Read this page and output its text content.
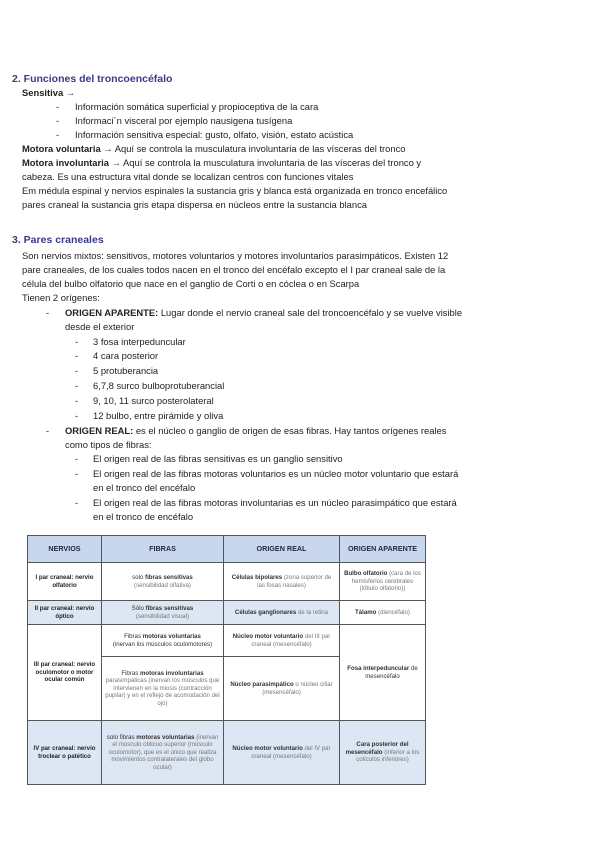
2. Funciones del troncoencéfalo
Sensitiva →
- Información somática superficial y propioceptiva de la cara
- Informaci´n visceral por ejemplo nausigena tusígena
- Información sensitiva especial: gusto, olfato, visión, estato acústica
Motora voluntaria → Aquí se controla la musculatura involuntaria de las vísceras del tronco
Motora involuntaria → Aquí se controla la musculatura involuntaria de las vísceras del tronco y
cabeza. Es una estructura vital donde se localizan centros con funciones vitales
Em médula espinal y nervios espinales la sustancia gris y blanca está organizada en tronco encefálico
pares craneal la sustancia gris etapa dispersa en núcleos entre la sustancia blanca
3. Pares craneales
Son nervios mixtos: sensitivos, motores voluntarios y motores involuntarios parasimpáticos. Existen 12
pare craneales, de los cuales todos nacen en el tronco del encéfalo excepto el I par craneal sale de la
célula del bulbo olfatorio que nace en el ganglio de Corti o en cóclea o en Scarpa
Tienen 2 orígenes:
- ORIGEN APARENTE: Lugar donde el nervio craneal sale del troncoencéfalo y se vuelve visible
desde el exterior
- 3 fosa interpeduncular
- 4 cara posterior
- 5 protuberancia
- 6,7,8 surco bulboprotuberancial
- 9, 10, 11 surco posterolateral
- 12 bulbo, entre pirámide y oliva
- ORIGEN REAL: es el núcleo o ganglio de origen de esas fibras. Hay tantos orígenes reales
como tipos de fibras:
- El origen real de las fibras sensitivas es un ganglio sensitivo
- El origen real de las fibras motoras voluntarios es un núcleo motor voluntario que estará
en el tronco del encéfalo
- El origen real de las fibras motoras involuntarias es un núcleo parasimpático que estará
en el tronco de encéfalo
NERVIOS	FIBRAS	ORIGEN REAL	ORIGEN APARENTE
I par craneal: nervio olfatorio	solo fibras sensitivas
(sensibilidad olfativa)	Células bipolares (zona superior de las fosas nasales)	Bulbo olfatorio (cara de los hemisferios cerebrales (lóbulo olfatorio))
II par craneal: nervio óptico	Sólo fibras sensitivas
(sensibilidad visual)	Células ganglionares de la retina	Tálamo (diencéfalo)
III par craneal: nervio oculomotor o motor ocular común	Fibras motoras voluntarias
(inervan los músculos oculomotores)	Núcleo motor voluntario del III par craneal (mesencéfalo)	Fosa interpeduncular de mesencéfalo
	Fibras motoras involuntarias parasimpáticas (inervan los músculos que intervienen en la miosis (contracción pupilar) y en el reflejo de acomodación del ojo)	Núcleo parasimpático o núcleo ciliar (mesencéfalo)	
IV par craneal: nervio troclear o patético	solo fibras motoras voluntarias (inervan el músculo oblicuo superior (músculo oculomotor), que es el único que realiza movimientos contralaterales del globo ocular)	Núcleo motor voluntario del IV par craneal (mesencéfalo)	Cara posterior del mesencéfalo (inferior a los colículos inferiores)
